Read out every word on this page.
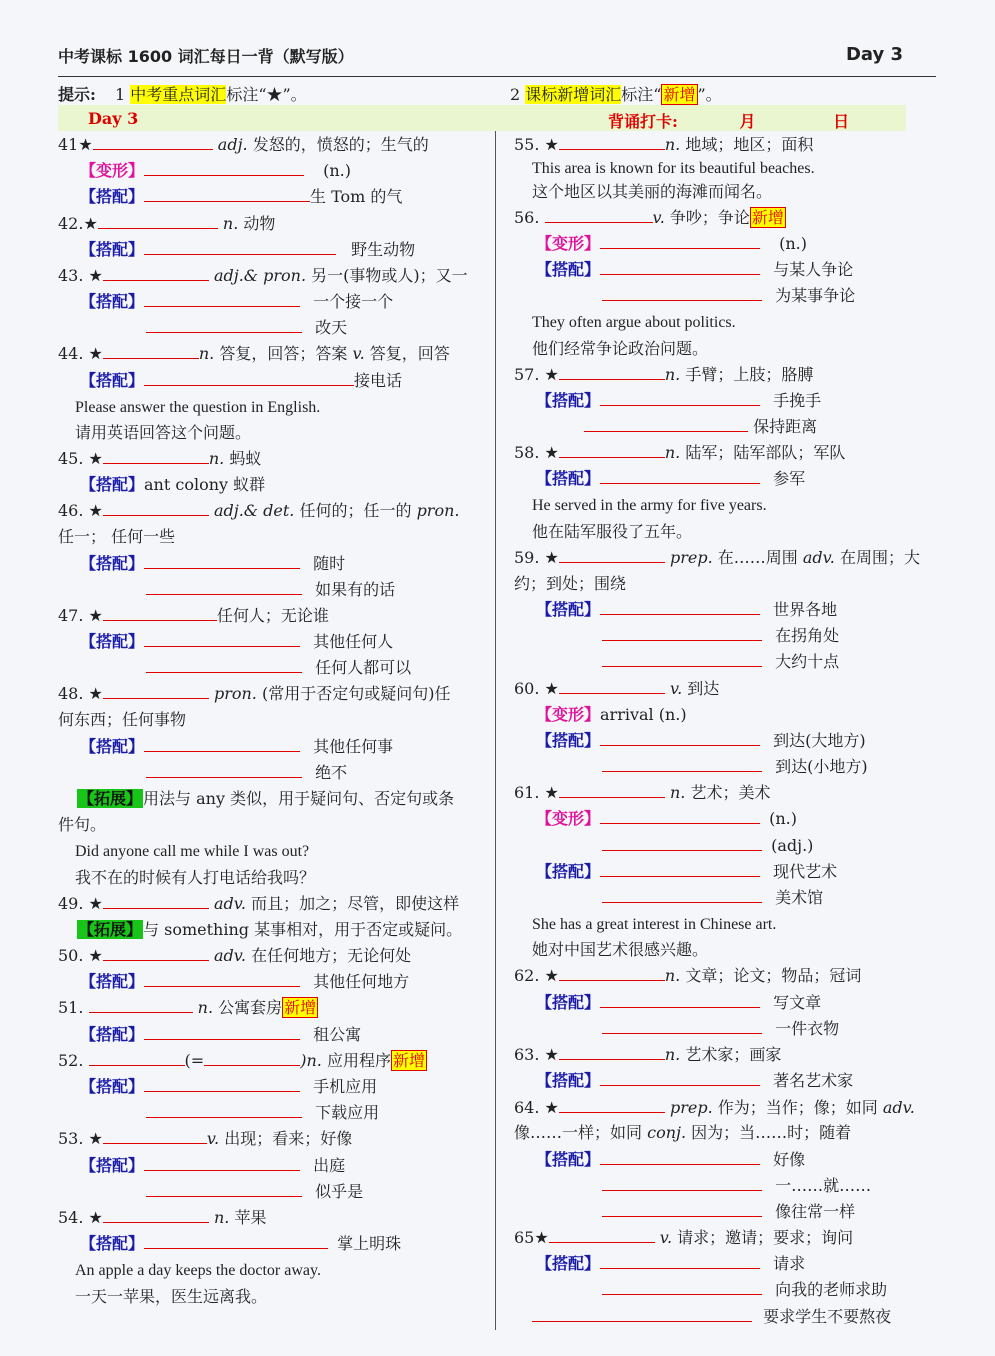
中考课标 1600 词汇每日一背（默写版）	Day 3
提示: 1 中考重点词汇标注“★”。	2 课标新增词汇标注“ 新增 ”。
Day 3	背诵打卡:	月	日
41★	adj. 发怒的，愤怒的；生气的
【变形】	(n.)
【搭配】	生 Tom 的气
42.★	n. 动物
【搭配】	野生动物
43. ★	adj.& pron. 另一(事物或人)；又一
【搭配】	一个接一个
改天
44. ★	n. 答复，回答；答案 v. 答复，回答
【搭配】	接电话
Please answer the question in English.
请用英语回答这个问题。
45. ★	n. 蚂蚁
【搭配】ant colony 蚁群
46. ★	adj.& det. 任何的；任一的 pron.
任一； 任何一些
【搭配】	随时
如果有的话
47. ★	任何人；无论谁
【搭配】	其他任何人
任何人都可以
48. ★	pron. (常用于否定句或疑问句)任
何东西；任何事物
【搭配】	其他任何事
绝不
【拓展】用法与 any 类似，用于疑问句、否定句或条
件句。
Did anyone call me while I was out?
我不在的时候有人打电话给我吗？
49. ★	adv. 而且；加之；尽管，即使这样
【拓展】与 something 某事相对，用于否定或疑问。
50. ★	adv. 在任何地方；无论何处
【搭配】	其他任何地方
51.	n. 公寓套房 新增
【搭配】	租公寓
52.	(=	)n. 应用程序 新增
【搭配】	手机应用
下载应用
53. ★	v. 出现；看来；好像
【搭配】	出庭
似乎是
54. ★	n. 苹果
【搭配】	掌上明珠
An apple a day keeps the doctor away.
一天一苹果，医生远离我。
55. ★	n. 地域；地区；面积
This area is known for its beautiful beaches.
这个地区以其美丽的海滩而闻名。
56.	v. 争吵；争论 新增
【变形】	(n.)
【搭配】	与某人争论
为某事争论
They often argue about politics.
他们经常争论政治问题。
57. ★	n. 手臂；上肢；胳膊
【搭配】	手挽手
保持距离
58. ★	n. 陆军；陆军部队；军队
【搭配】	参军
He served in the army for five years.
他在陆军服役了五年。
59. ★	prep. 在……周围 adv. 在周围；大
约；到处；围绕
【搭配】	世界各地
在拐角处
大约十点
60. ★	v. 到达
【变形】arrival (n.)
【搭配】	到达(大地方)
到达(小地方)
61. ★	n. 艺术；美术
【变形】	(n.)
(adj.)
【搭配】	现代艺术
美术馆
She has a great interest in Chinese art.
她对中国艺术很感兴趣。
62. ★	n. 文章；论文；物品；冠词
【搭配】	写文章
一件衣物
63. ★	n. 艺术家；画家
【搭配】	著名艺术家
64. ★	prep. 作为；当作；像；如同 adv.
像……一样；如同 conj. 因为；当……时；随着
【搭配】	好像
一……就……
像往常一样
65★	v. 请求；邀请；要求；询问
【搭配】	请求
向我的老师求助
要求学生不要熬夜
